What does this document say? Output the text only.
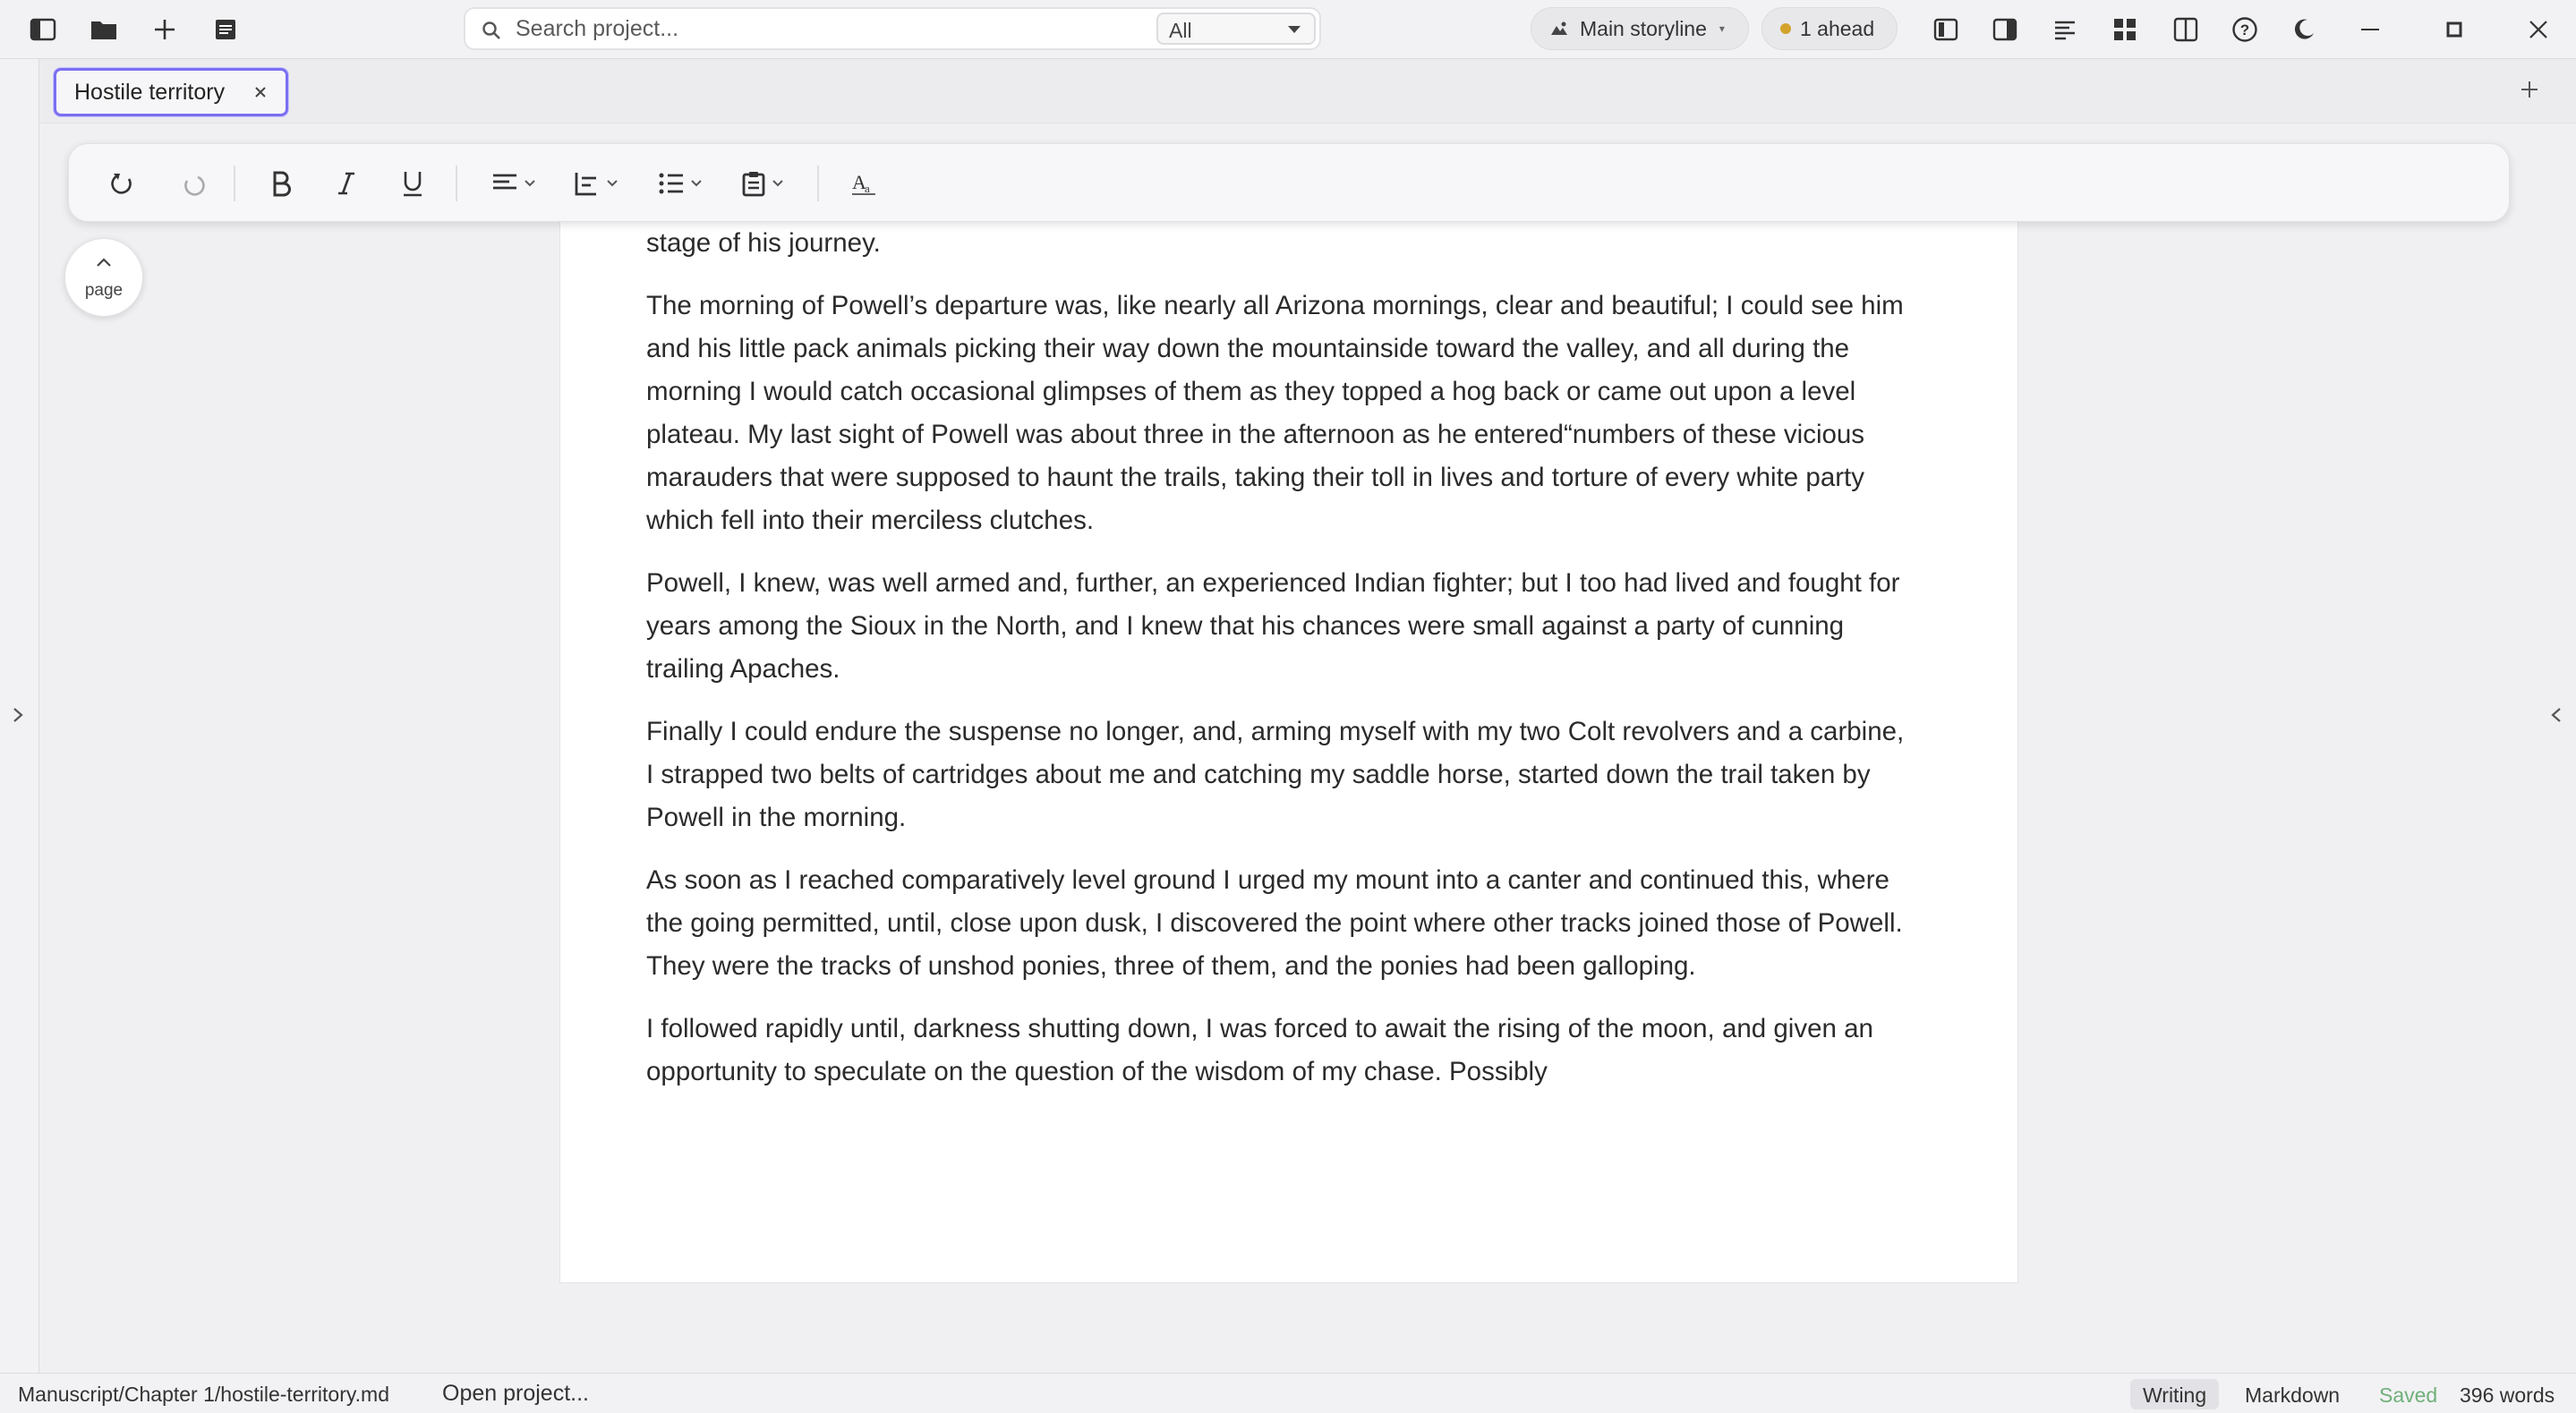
Search project...
All	Main storyline ▾	1 ahead	?
Hostile territory

stage of his journey.

The morning of Powell’s departure was, like nearly all Arizona mornings, clear and beautiful; I could see him and his little pack animals picking their way down the mountainside toward the valley, and all during the morning I would catch occasional glimpses of them as they topped a hog back or came out upon a level plateau. My last sight of Powell was about three in the afternoon as he entered“numbers of these vicious marauders that were supposed to haunt the trails, taking their toll in lives and torture of every white party which fell into their merciless clutches.

Powell, I knew, was well armed and, further, an experienced Indian fighter; but I too had lived and fought for years among the Sioux in the North, and I knew that his chances were small against a party of cunning trailing Apaches.

Finally I could endure the suspense no longer, and, arming myself with my two Colt revolvers and a carbine, I strapped two belts of cartridges about me and catching my saddle horse, started down the trail taken by Powell in the morning.

As soon as I reached comparatively level ground I urged my mount into a canter and continued this, where the going permitted, until, close upon dusk, I discovered the point where other tracks joined those of Powell. They were the tracks of unshod ponies, three of them, and the ponies had been galloping.

I followed rapidly until, darkness shutting down, I was forced to await the rising of the moon, and given an opportunity to speculate on the question of the wisdom of my chase. Possibly

A
a
page
Manuscript/Chapter 1/hostile-territory.md Open project...	Writing	Markdown	Saved 396 words
